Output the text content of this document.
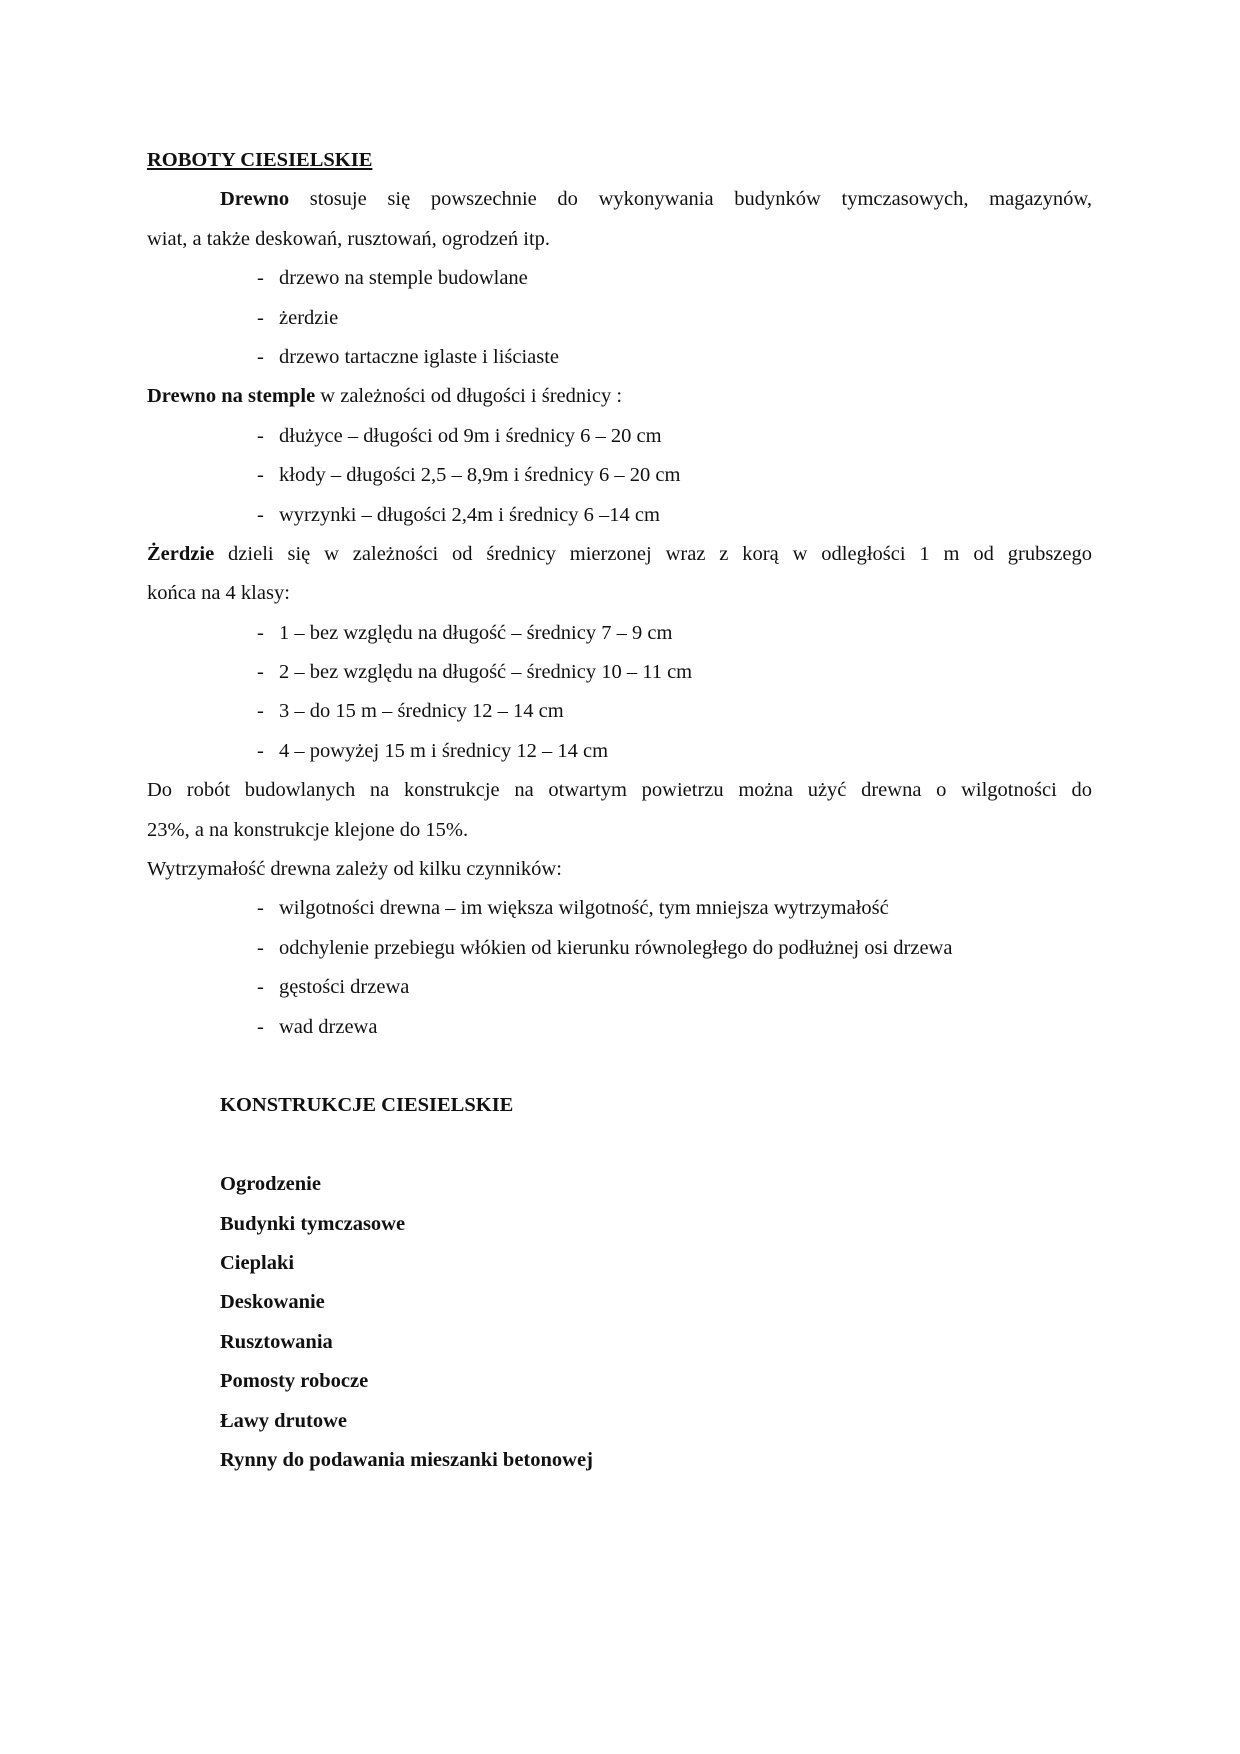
ROBOTY CIESIELSKIE
Drewno stosuje się powszechnie do wykonywania budynków tymczasowych, magazynów,
wiat, a także deskowań, rusztowań, ogrodzeń itp.
- drzewo na stemple budowlane
- żerdzie
- drzewo tartaczne iglaste i liściaste
Drewno na stemple w zależności od długości i średnicy :
- dłużyce – długości od 9m i średnicy 6 – 20 cm
- kłody – długości 2,5 – 8,9m i średnicy 6 – 20 cm
- wyrzynki – długości 2,4m i średnicy 6 –14 cm
Żerdzie dzieli się w zależności od średnicy mierzonej wraz z korą w odległości 1 m od grubszego
końca na 4 klasy:
- 1 – bez względu na długość – średnicy 7 – 9 cm
- 2 – bez względu na długość – średnicy 10 – 11 cm
- 3 – do 15 m – średnicy 12 – 14 cm
- 4 – powyżej 15 m i średnicy 12 – 14 cm
Do robót budowlanych na konstrukcje na otwartym powietrzu można użyć drewna o wilgotności do
23%, a na konstrukcje klejone do 15%.
Wytrzymałość drewna zależy od kilku czynników:
- wilgotności drewna – im większa wilgotność, tym mniejsza wytrzymałość
- odchylenie przebiegu włókien od kierunku równoległego do podłużnej osi drzewa
- gęstości drzewa
- wad drzewa
KONSTRUKCJE CIESIELSKIE
Ogrodzenie
Budynki tymczasowe
Cieplaki
Deskowanie
Rusztowania
Pomosty robocze
Ławy drutowe
Rynny do podawania mieszanki betonowej
